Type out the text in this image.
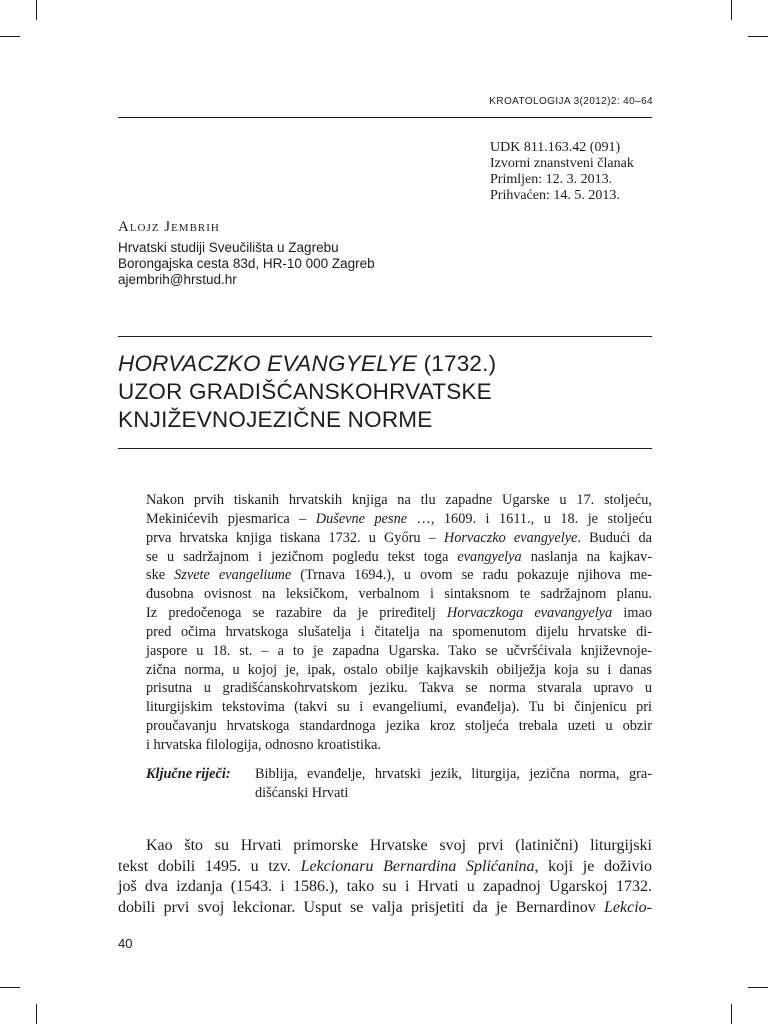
KROATOLOGIJA 3(2012)2: 40–64
UDK 811.163.42 (091)
Izvorni znanstveni članak
Primljen: 12. 3. 2013.
Prihvaćen: 14. 5. 2013.
Alojz Jembrih
Hrvatski studiji Sveučilišta u Zagrebu
Borongajska cesta 83d, HR-10 000 Zagreb
ajembrih@hrstud.hr
HORVACZKO EVANGYELYE (1732.)
UZOR GRADIŠĆANSKOHRVATSKE
KNJIŽEVNOJEZIČNE NORME
Nakon prvih tiskanih hrvatskih knjiga na tlu zapadne Ugarske u 17. stoljeću,
Mekinićevih pjesmarica – Duševne pesne …, 1609. i 1611., u 18. je stoljeću
prva hrvatska knjiga tiskana 1732. u Győru – Horvaczko evangyelye. Budući da
se u sadržajnom i jezičnom pogledu tekst toga evangyelya naslanja na kajkav-
ske Szvete evangeliume (Trnava 1694.), u ovom se radu pokazuje njihova me-
đusobna ovisnost na leksičkom, verbalnom i sintaksnom te sadržajnom planu.
Iz predočenoga se razabire da je priređitelj Horvaczkoga evavangyelya imao
pred očima hrvatskoga slušatelja i čitatelja na spomenutom dijelu hrvatske di-
jaspore u 18. st. – a to je zapadna Ugarska. Tako se učvršćivala književnoje-
zična norma, u kojoj je, ipak, ostalo obilje kajkavskih obilježja koja su i danas
prisutna u gradišćanskohrvatskom jeziku. Takva se norma stvarala upravo u
liturgijskim tekstovima (takvi su i evangeliumi, evanđelja). Tu bi činjenicu pri
proučavanju hrvatskoga standardnoga jezika kroz stoljeća trebala uzeti u obzir
i hrvatska filologija, odnosno kroatistika.
Ključne riječi: Biblija, evanđelje, hrvatski jezik, liturgija, jezična norma, gra-
dišćanski Hrvati
Kao što su Hrvati primorske Hrvatske svoj prvi (latinični) liturgijski
tekst dobili 1495. u tzv. Lekcionaru Bernardina Splićanina, koji je doživio
još dva izdanja (1543. i 1586.), tako su i Hrvati u zapadnoj Ugarskoj 1732.
dobili prvi svoj lekcionar. Usput se valja prisjetiti da je Bernardinov Lekcio-
40
